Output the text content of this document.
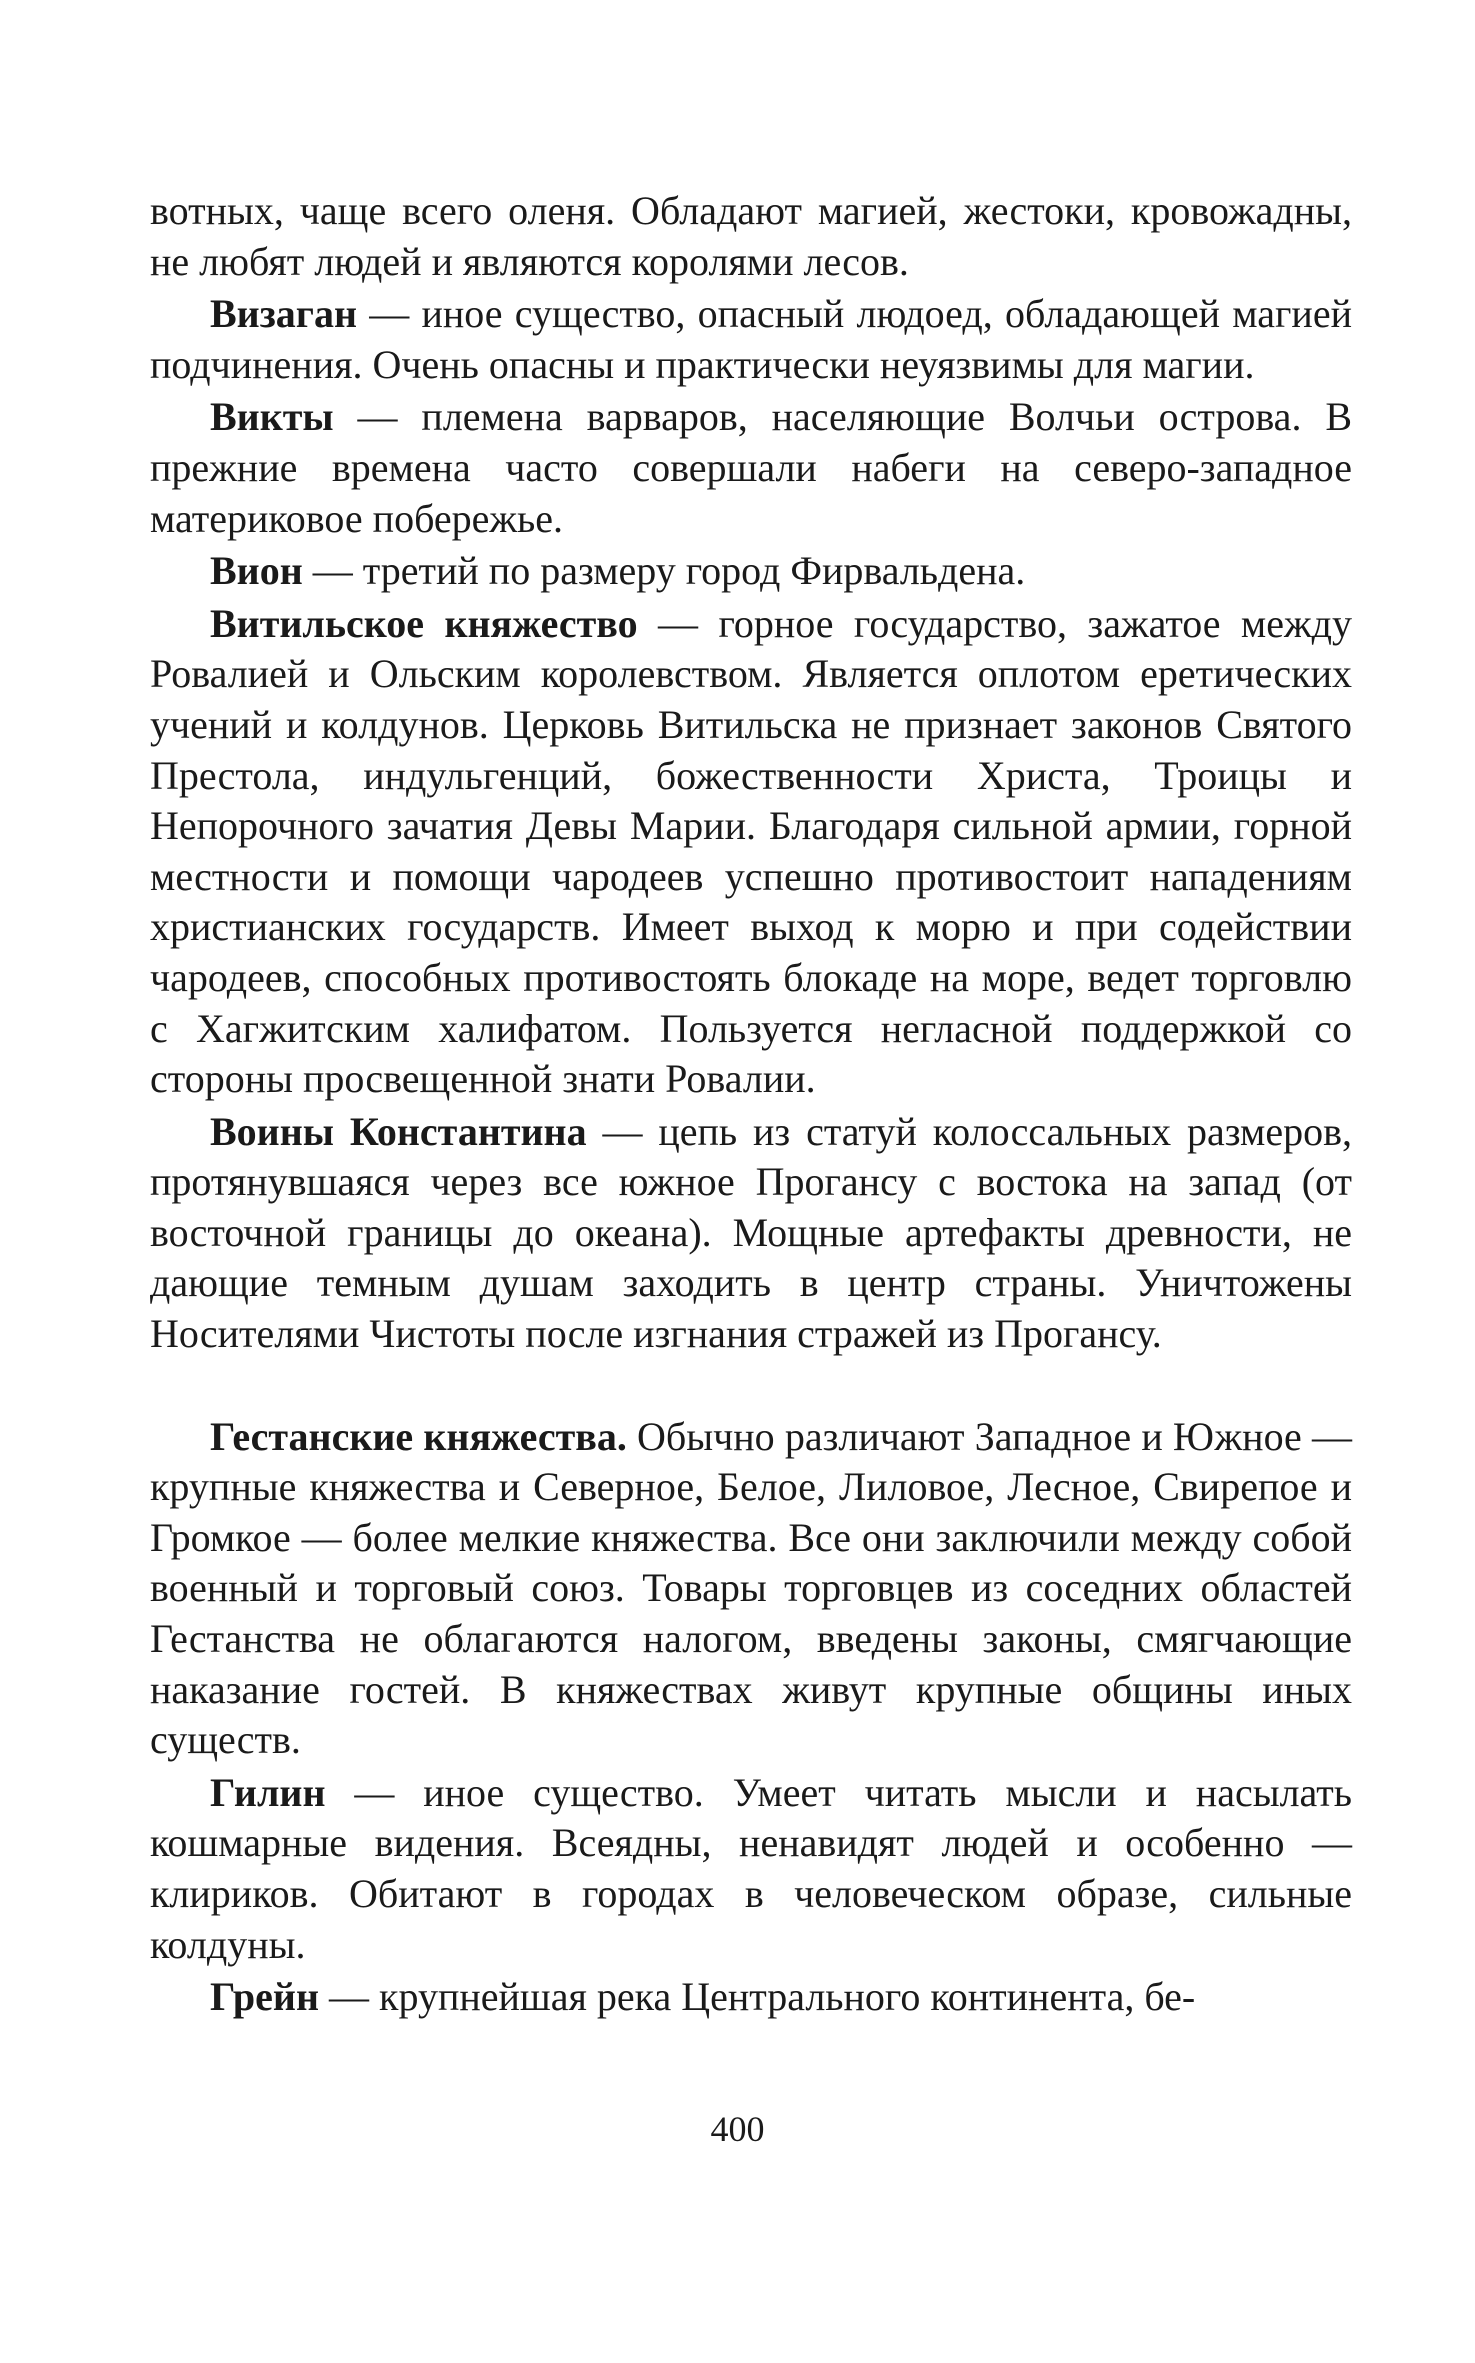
вотных, чаще всего оленя. Обладают магией, жестоки, кровожадны, не любят людей и являются королями лесов.

Визаган — иное существо, опасный людоед, обладающей магией подчинения. Очень опасны и практически неуязвимы для магии.

Викты — племена варваров, населяющие Волчьи острова. В прежние времена часто совершали набеги на северо-западное материковое побережье.

Вион — третий по размеру город Фирвальдена.

Витильское княжество — горное государство, зажатое между Ровалией и Ольским королевством. Является оплотом еретических учений и колдунов. Церковь Витильска не признает законов Святого Престола, индульгенций, божественности Христа, Троицы и Непорочного зачатия Девы Марии. Благодаря сильной армии, горной местности и помощи чародеев успешно противостоит нападениям христианских государств. Имеет выход к морю и при содействии чародеев, способных противостоять блокаде на море, ведет торговлю с Хагжитским халифатом. Пользуется негласной поддержкой со стороны просвещенной знати Ровалии.

Воины Константина — цепь из статуй колоссальных размеров, протянувшаяся через все южное Прогансу с востока на запад (от восточной границы до океана). Мощные артефакты древности, не дающие темным душам заходить в центр страны. Уничтожены Носителями Чистоты после изгнания стражей из Прогансу.

Гестанские княжества. Обычно различают Западное и Южное — крупные княжества и Северное, Белое, Лиловое, Лесное, Свирепое и Громкое — более мелкие княжества. Все они заключили между собой военный и торговый союз. Товары торговцев из соседних областей Гестанства не облагаются налогом, введены законы, смягчающие наказание гостей. В княжествах живут крупные общины иных существ.

Гилин — иное существо. Умеет читать мысли и насылать кошмарные видения. Всеядны, ненавидят людей и особенно — клириков. Обитают в городах в человеческом образе, сильные колдуны.

Грейн — крупнейшая река Центрального континента, бе-

400
